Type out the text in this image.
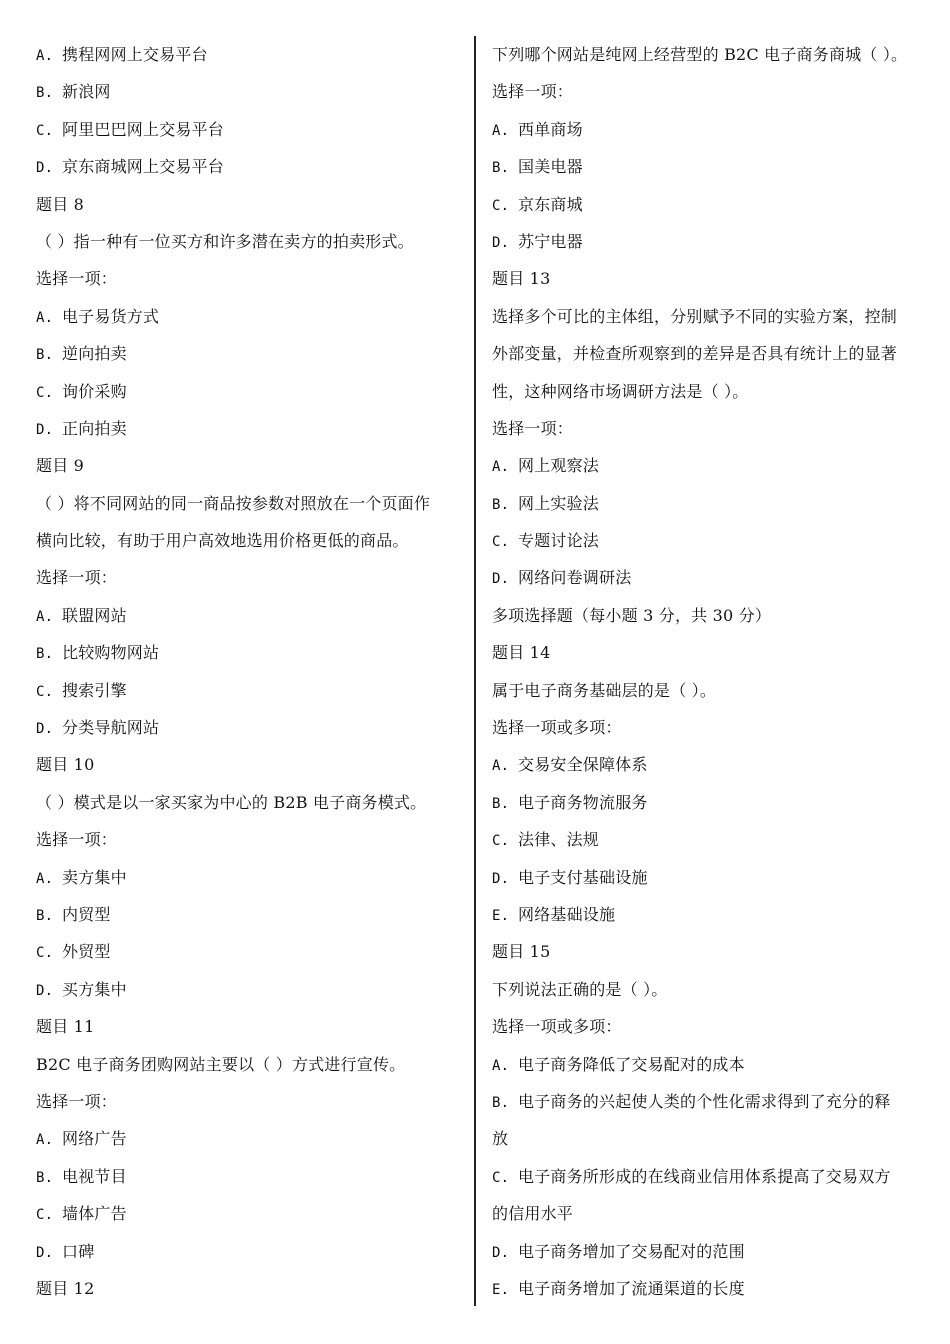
A. 携程网网上交易平台
B. 新浪网
C. 阿里巴巴网上交易平台
D. 京东商城网上交易平台
题目 8
（ ）指一种有一位买方和许多潜在卖方的拍卖形式。
选择一项：
A. 电子易货方式
B. 逆向拍卖
C. 询价采购
D. 正向拍卖
题目 9
（ ）将不同网站的同一商品按参数对照放在一个页面作
横向比较，有助于用户高效地选用价格更低的商品。
选择一项：
A. 联盟网站
B. 比较购物网站
C. 搜索引擎
D. 分类导航网站
题目 10
（ ）模式是以一家买家为中心的 B2B 电子商务模式。
选择一项：
A. 卖方集中
B. 内贸型
C. 外贸型
D. 买方集中
题目 11
B2C 电子商务团购网站主要以（ ）方式进行宣传。
选择一项：
A. 网络广告
B. 电视节目
C. 墙体广告
D. 口碑
题目 12
下列哪个网站是纯网上经营型的 B2C 电子商务商城（ ）。
选择一项：
A. 西单商场
B. 国美电器
C. 京东商城
D. 苏宁电器
题目 13
选择多个可比的主体组，分别赋予不同的实验方案，控制
外部变量，并检查所观察到的差异是否具有统计上的显著
性，这种网络市场调研方法是（ ）。
选择一项：
A. 网上观察法
B. 网上实验法
C. 专题讨论法
D. 网络问卷调研法
多项选择题（每小题 3 分，共 30 分）
题目 14
属于电子商务基础层的是（ ）。
选择一项或多项：
A. 交易安全保障体系
B. 电子商务物流服务
C. 法律、法规
D. 电子支付基础设施
E. 网络基础设施
题目 15
下列说法正确的是（ ）。
选择一项或多项：
A. 电子商务降低了交易配对的成本
B. 电子商务的兴起使人类的个性化需求得到了充分的释
放
C. 电子商务所形成的在线商业信用体系提高了交易双方
的信用水平
D. 电子商务增加了交易配对的范围
E. 电子商务增加了流通渠道的长度
